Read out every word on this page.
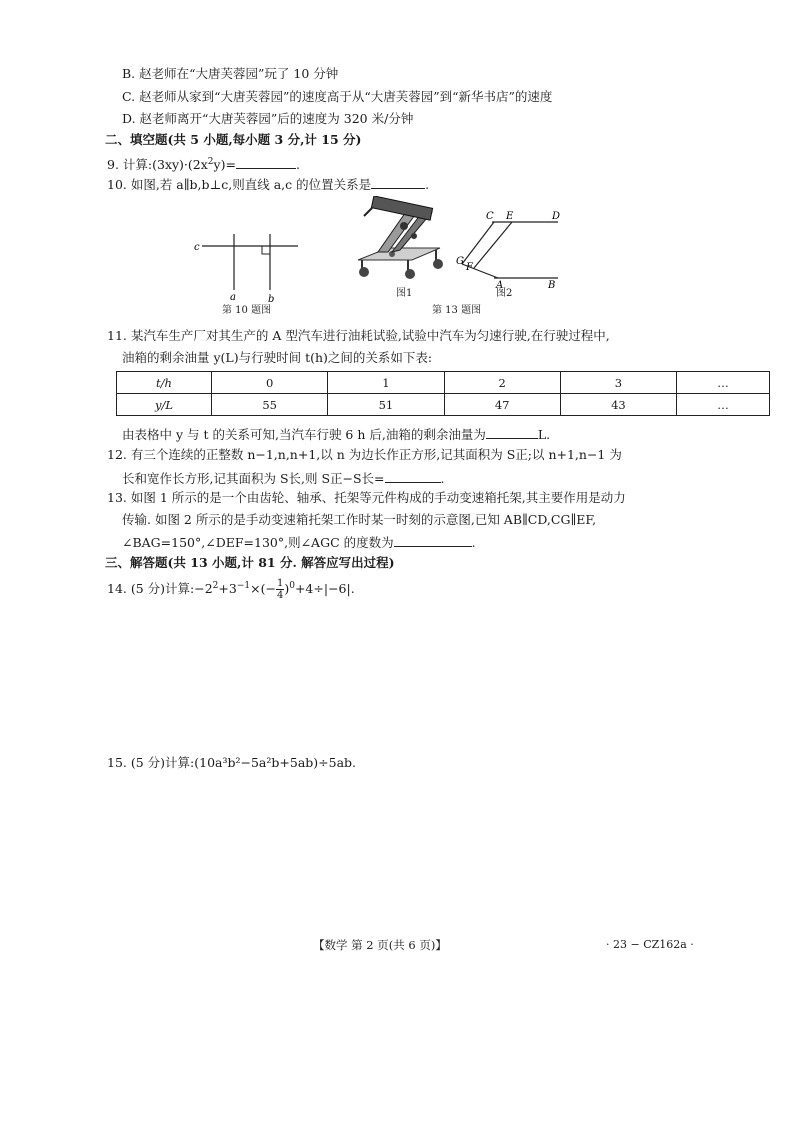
B. 赵老师在“大唐芙蓉园”玩了 10 分钟
C. 赵老师从家到“大唐芙蓉园”的速度高于从“大唐芙蓉园”到“新华书店”的速度
D. 赵老师离开“大唐芙蓉园”后的速度为 320 米/分钟
二、填空题(共 5 小题,每小题 3 分,计 15 分)
9. 计算$:(3xy)\cdot(2x^2y)=$	.
10. 如图,若 a∥b,b⊥c,则直线 a,c 的位置关系是	.
c
a	b
第 10 题图
图1
C E	D
G
F
A	B
图2
第 13 题图
11. 某汽车生产厂对其生产的 A 型汽车进行油耗试验,试验中汽车为匀速行驶,在行驶过程中,
油箱的剩余油量 y(L)与行驶时间 t(h)之间的关系如下表:
t/h	0	1	2	3	…
y/L	55	51	47	43	…
由表格中 y 与 t 的关系可知,当汽车行驶 6 h 后,油箱的剩余油量为	L.
12. 有三个连续的正整数 n−1,n,n+1,以 n 为边长作正方形,记其面积为 S正;以 n+1,n−1 为
长和宽作长方形,记其面积为 S长,则 S正−S长=	.
13. 如图 1 所示的是一个由齿轮、轴承、托架等元件构成的手动变速箱托架,其主要作用是动力
传输. 如图 2 所示的是手动变速箱托架工作时某一时刻的示意图,已知 AB∥CD,CG∥EF,
∠BAG=150°,∠DEF=130°,则∠AGC 的度数为	.
三、解答题(共 13 小题,计 81 分. 解答应写出过程)
14. (5 分)计算$:-2^2+3^{-1}\times(- \frac{1}{4} )^0+4\div|-6|$.
15. (5 分)计算:(10a³b²−5a²b+5ab)÷5ab.
【数学 第 2 页(共 6 页)】	· 23 − CZ162a ·
